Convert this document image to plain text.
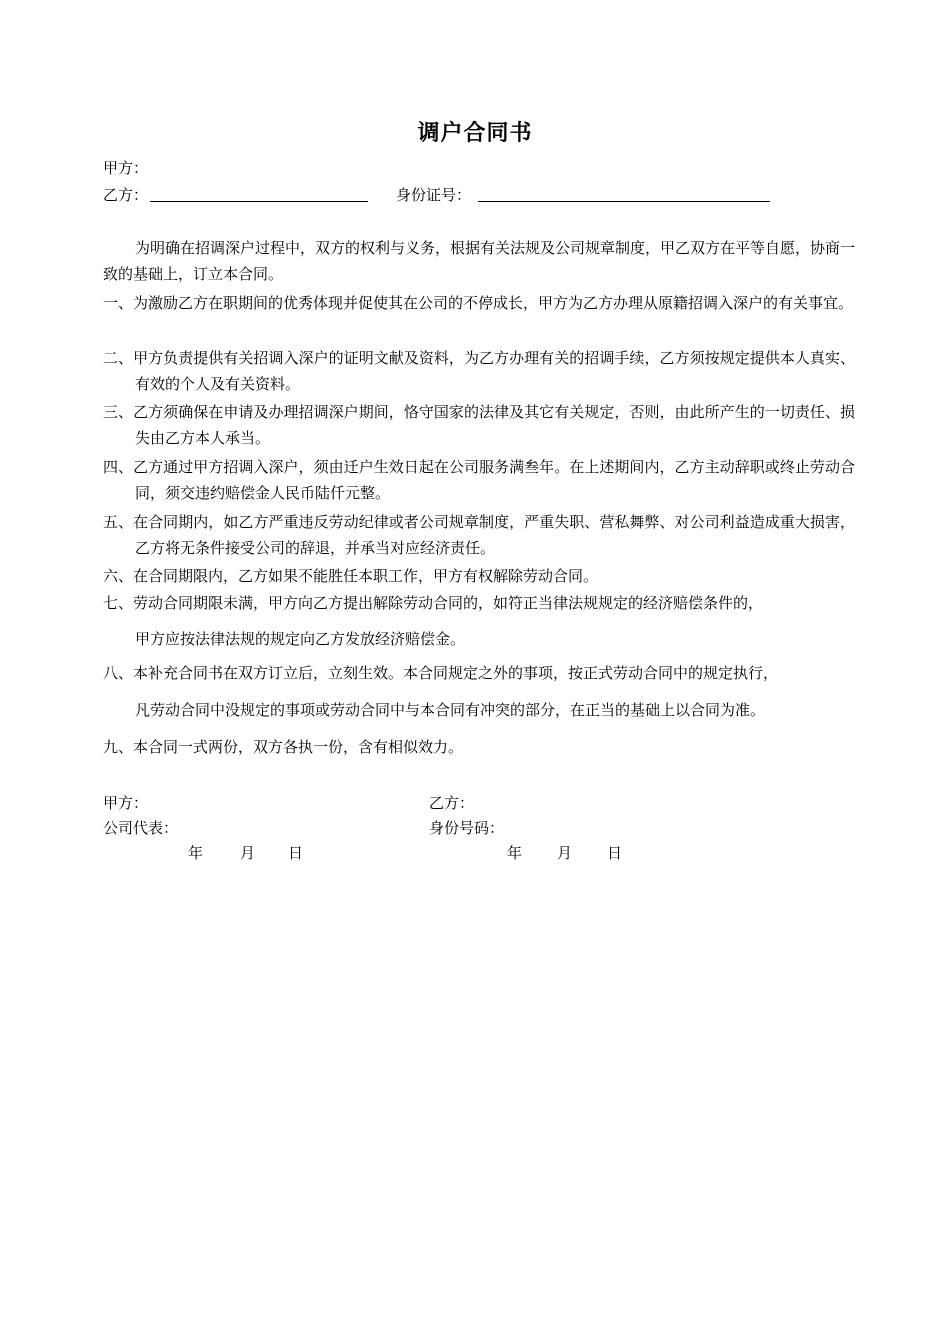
调户合同书
甲方：
乙方：	身份证号：
为明确在招调深户过程中，双方的权利与义务，根据有关法规及公司规章制度，甲乙双方在平等自愿，协商一致的基础上，订立本合同。
一、为激励乙方在职期间的优秀体现并促使其在公司的不停成长，甲方为乙方办理从原籍招调入深户的有关事宜。
二、甲方负责提供有关招调入深户的证明文献及资料，为乙方办理有关的招调手续，乙方须按规定提供本人真实、有效的个人及有关资料。
三、乙方须确保在申请及办理招调深户期间，恪守国家的法律及其它有关规定，否则，由此所产生的一切责任、损失由乙方本人承当。
四、乙方通过甲方招调入深户，须由迁户生效日起在公司服务满叁年。在上述期间内，乙方主动辞职或终止劳动合同，须交违约赔偿金人民币陆仟元整。
五、在合同期内，如乙方严重违反劳动纪律或者公司规章制度，严重失职、营私舞弊、对公司利益造成重大损害，乙方将无条件接受公司的辞退，并承当对应经济责任。
六、在合同期限内，乙方如果不能胜任本职工作，甲方有权解除劳动合同。
七、劳动合同期限未满，甲方向乙方提出解除劳动合同的，如符正当律法规规定的经济赔偿条件的，
甲方应按法律法规的规定向乙方发放经济赔偿金。
八、本补充合同书在双方订立后，立刻生效。本合同规定之外的事项，按正式劳动合同中的规定执行，
凡劳动合同中没规定的事项或劳动合同中与本合同有冲突的部分，在正当的基础上以合同为准。
九、本合同一式两份，双方各执一份，含有相似效力。
甲方：
公司代表：
乙方：
身份号码：
年 月 日	年 月 日
